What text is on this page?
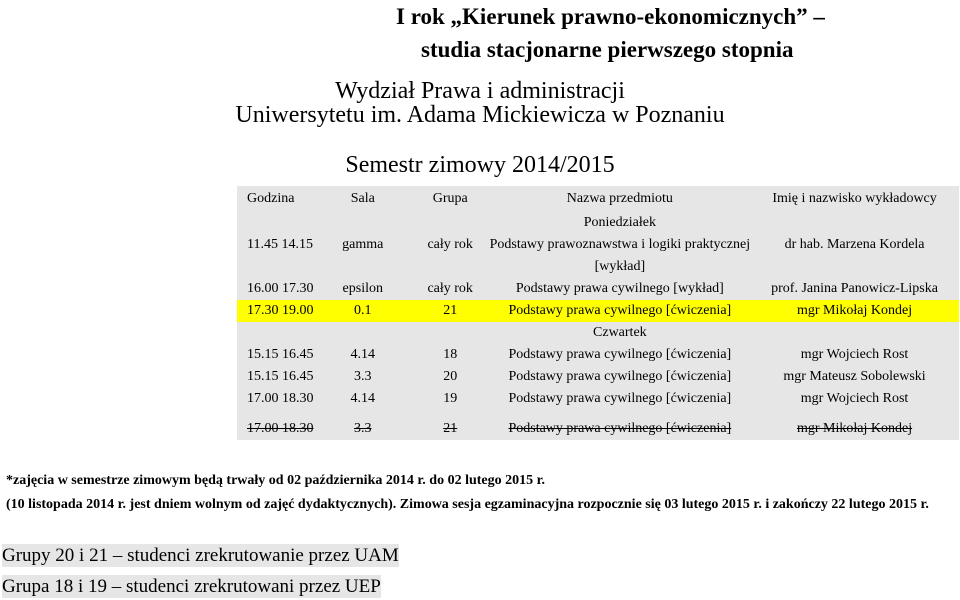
I rok „Kierunek prawno-ekonomicznych” –
studia stacjonarne pierwszego stopnia
Wydział Prawa i administracji
Uniwersytetu im. Adama Mickiewicza w Poznaniu
Semestr zimowy 2014/2015
Godzina	Sala	Grupa	Nazwa przedmiotu	Imię i nazwisko wykładowcy
			Poniedziałek	
11.45 14.15	gamma	cały rok	Podstawy prawoznawstwa i logiki praktycznej	dr hab. Marzena Kordela
			[wykład]	
16.00 17.30	epsilon	cały rok	Podstawy prawa cywilnego [wykład]	prof. Janina Panowicz-Lipska
17.30 19.00	0.1	21	Podstawy prawa cywilnego [ćwiczenia]	mgr Mikołaj Kondej
			Czwartek	
15.15 16.45	4.14	18	Podstawy prawa cywilnego [ćwiczenia]	mgr Wojciech Rost
15.15 16.45	3.3	20	Podstawy prawa cywilnego [ćwiczenia]	mgr Mateusz Sobolewski
17.00 18.30	4.14	19	Podstawy prawa cywilnego [ćwiczenia]	mgr Wojciech Rost

17.00 18.30	3.3	21	Podstawy prawa cywilnego [ćwiczenia]	mgr Mikołaj Kondej
*zajęcia w semestrze zimowym będą trwały od 02 października 2014 r. do 02 lutego 2015 r.
(10 listopada 2014 r. jest dniem wolnym od zajęć dydaktycznych). Zimowa sesja egzaminacyjna rozpocznie się 03 lutego 2015 r. i zakończy 22 lutego 2015 r.
Grupy 20 i 21 – studenci zrekrutowanie przez UAM
Grupa 18 i 19 – studenci zrekrutowani przez UEP
